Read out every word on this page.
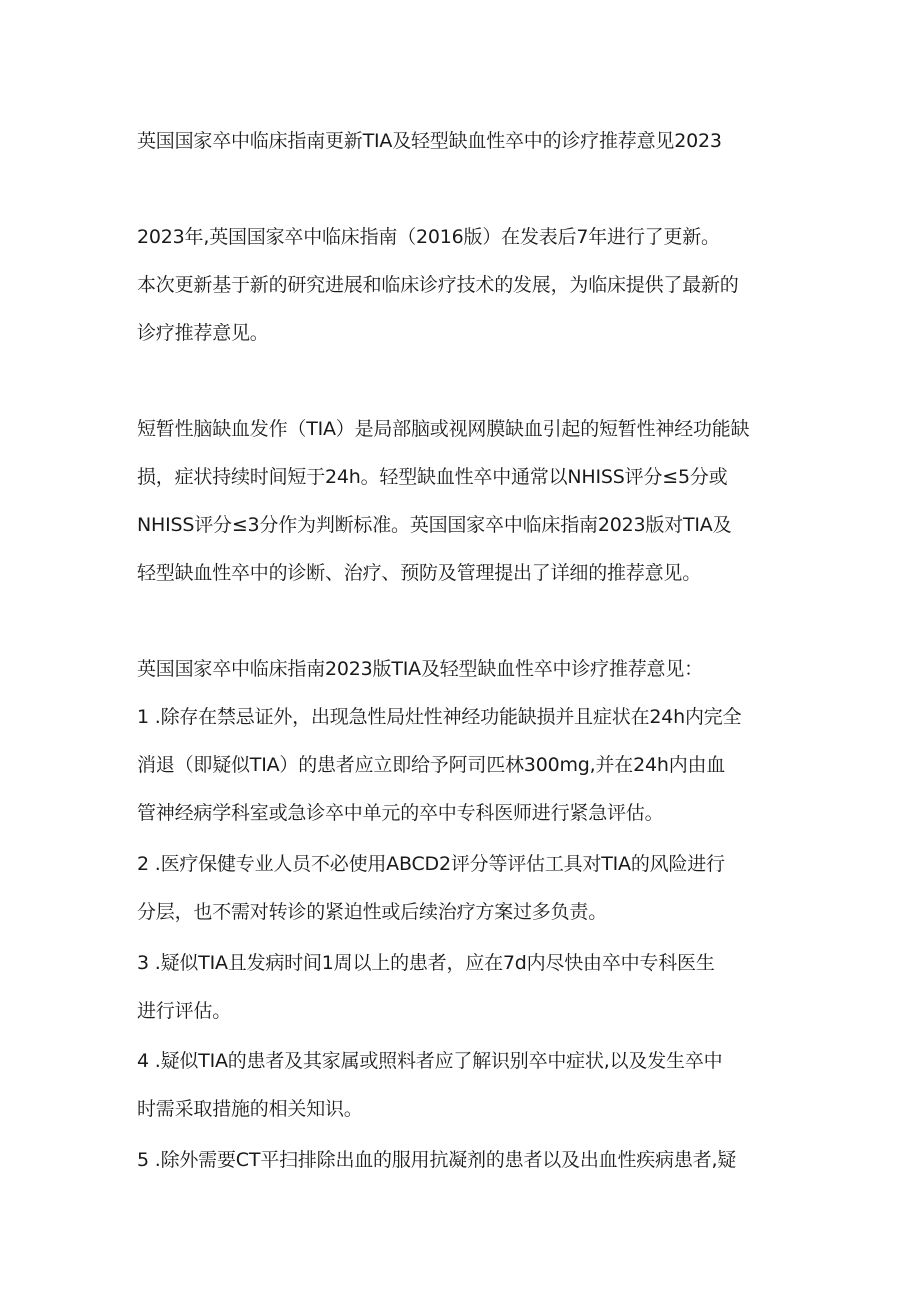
英国国家卒中临床指南更新TIA及轻型缺血性卒中的诊疗推荐意见2023
2023年,英国国家卒中临床指南（2016版）在发表后7年进行了更新。
本次更新基于新的研究进展和临床诊疗技术的发展，为临床提供了最新的
诊疗推荐意见。
短暂性脑缺血发作（TIA）是局部脑或视网膜缺血引起的短暂性神经功能缺
损，症状持续时间短于24h。轻型缺血性卒中通常以NHISS评分≤5分或
NHISS评分≤3分作为判断标准。英国国家卒中临床指南2023版对TIA及
轻型缺血性卒中的诊断、治疗、预防及管理提出了详细的推荐意见。
英国国家卒中临床指南2023版TIA及轻型缺血性卒中诊疗推荐意见：
1 .除存在禁忌证外，出现急性局灶性神经功能缺损并且症状在24h内完全
消退（即疑似TIA）的患者应立即给予阿司匹林300mg,并在24h内由血
管神经病学科室或急诊卒中单元的卒中专科医师进行紧急评估。
2 .医疗保健专业人员不必使用ABCD2评分等评估工具对TIA的风险进行
分层，也不需对转诊的紧迫性或后续治疗方案过多负责。
3 .疑似TIA且发病时间1周以上的患者，应在7d内尽快由卒中专科医生
进行评估。
4 .疑似TIA的患者及其家属或照料者应了解识别卒中症状,以及发生卒中
时需采取措施的相关知识。
5 .除外需要CT平扫排除出血的服用抗凝剂的患者以及出血性疾病患者,疑
